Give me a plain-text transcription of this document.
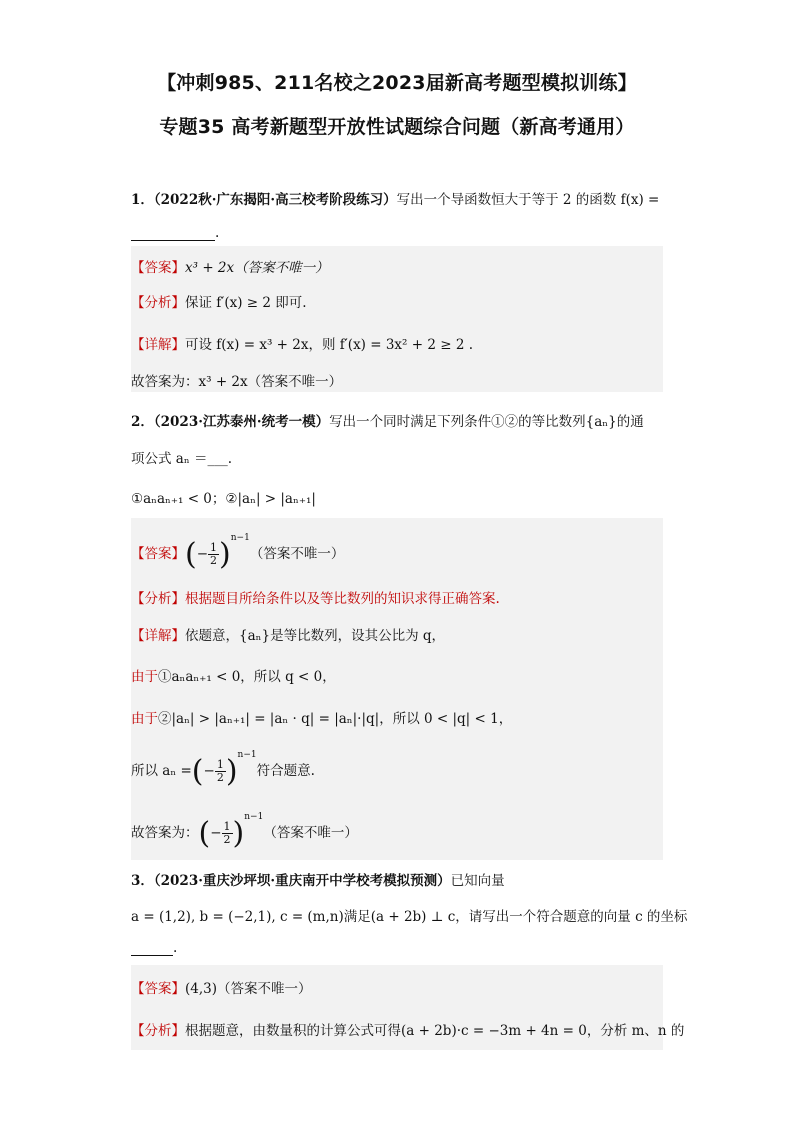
【冲刺985、211名校之2023届新高考题型模拟训练】
专题35 高考新题型开放性试题综合问题（新高考通用）
1．（2022秋·广东揭阳·高三校考阶段练习）写出一个导函数恒大于等于 2 的函数 f(x) =
.
【答案】x³ + 2x（答案不唯一）
【分析】保证 f′(x) ≥ 2 即可.
【详解】可设 f(x) = x³ + 2x，则 f′(x) = 3x² + 2 ≥ 2 .
故答案为：x³ + 2x（答案不唯一）
2．（2023·江苏泰州·统考一模）写出一个同时满足下列条件①②的等比数列{aₙ}的通
项公式 aₙ ＝___.
①aₙaₙ₊₁ < 0；②|aₙ| > |aₙ₊₁|
【答案】(− $\frac{1}{2} )^{n-1}$（答案不唯一）
【分析】根据题目所给条件以及等比数列的知识求得正确答案.
【详解】依题意，{aₙ}是等比数列，设其公比为 q，
由于①aₙaₙ₊₁ < 0，所以 q < 0，
由于②|aₙ| > |aₙ₊₁| = |aₙ · q| = |aₙ|·|q|，所以 0 < |q| < 1，
所以 aₙ =(− $\frac{1}{2} )^{n-1}$符合题意.
故答案为：(− $\frac{1}{2} )^{n-1}$（答案不唯一）
3．（2023·重庆沙坪坝·重庆南开中学校考模拟预测）已知向量
a = (1,2), b = (−2,1), c = (m,n)满足(a + 2b) ⊥ c，请写出一个符合题意的向量 c 的坐标
.
【答案】(4,3)（答案不唯一）
【分析】根据题意，由数量积的计算公式可得(a + 2b)·c = −3m + 4n = 0，分析 m、n 的
